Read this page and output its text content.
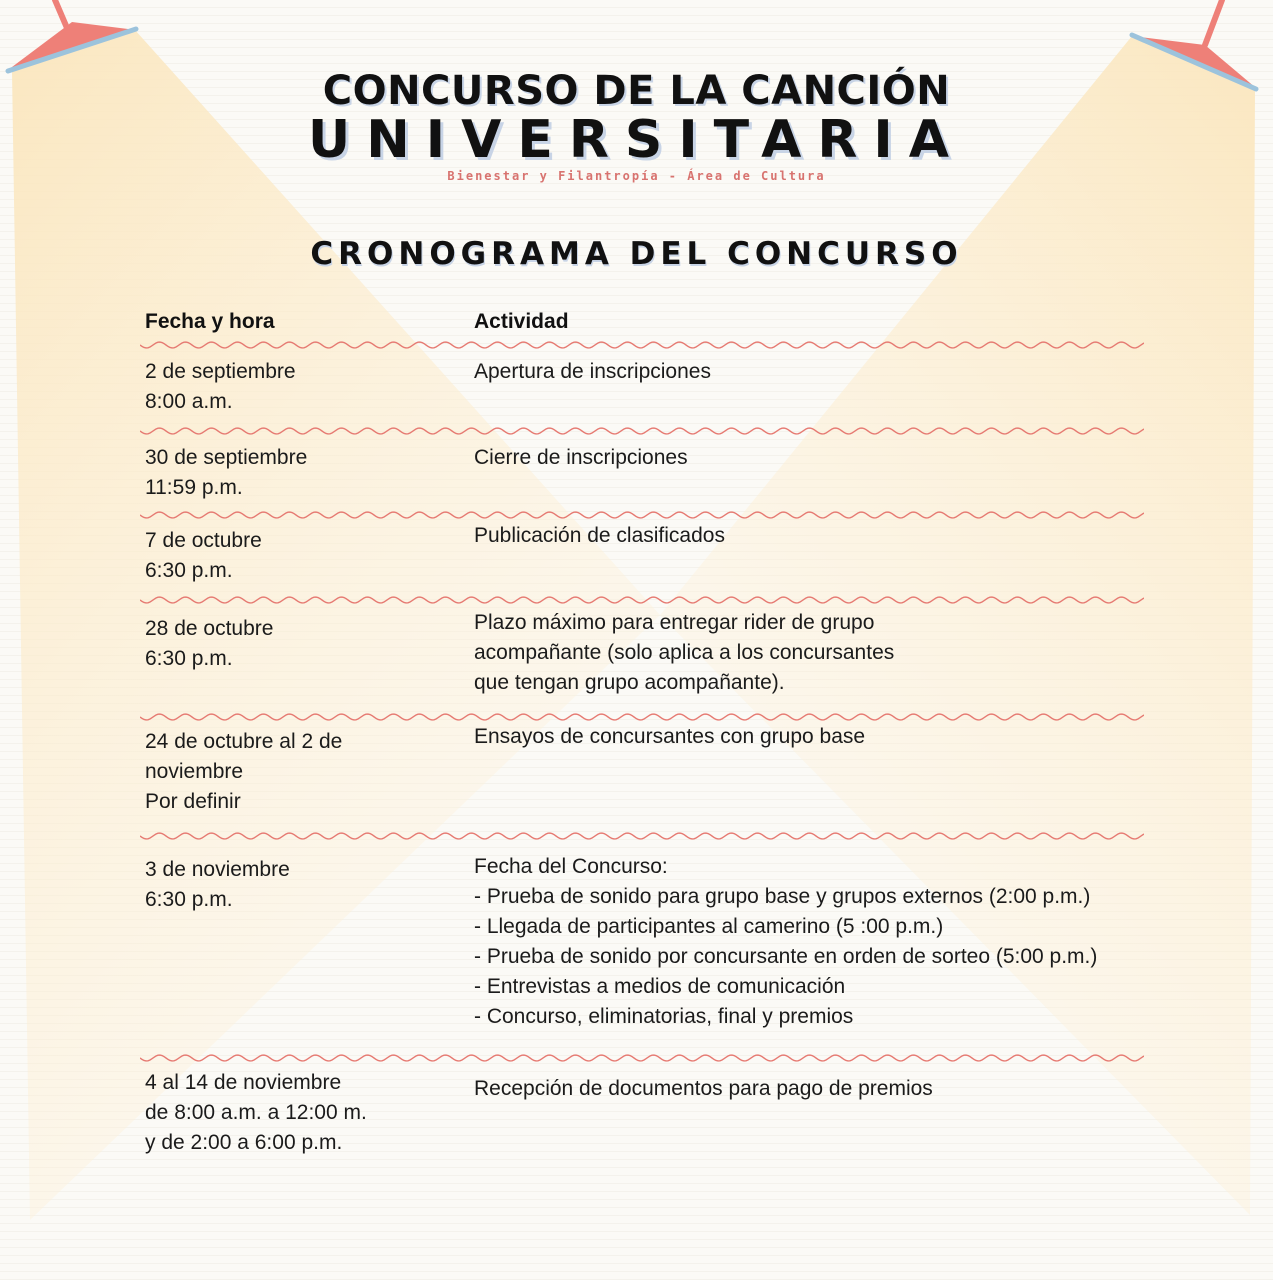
CONCURSO DE LA CANCIÓN
UNIVERSITARIA
Bienestar y Filantropía - Área de Cultura
CRONOGRAMA DEL CONCURSO
Fecha y hora	Actividad
2 de septiembre
8:00 a.m.
Apertura de inscripciones
30 de septiembre
11:59 p.m.
Cierre de inscripciones
7 de octubre
6:30 p.m.
Publicación de clasificados
28 de octubre
6:30 p.m.
Plazo máximo para entregar rider de grupo
acompañante (solo aplica a los concursantes
que tengan grupo acompañante).
24 de octubre al 2 de
noviembre
Por definir
Ensayos de concursantes con grupo base
3 de noviembre
6:30 p.m.
Fecha del Concurso:
- Prueba de sonido para grupo base y grupos externos (2:00 p.m.)
- Llegada de participantes al camerino (5 :00 p.m.)
- Prueba de sonido por concursante en orden de sorteo (5:00 p.m.)
- Entrevistas a medios de comunicación
- Concurso, eliminatorias, final y premios
4 al 14 de noviembre
de 8:00 a.m. a 12:00 m.
y de 2:00 a 6:00 p.m.
Recepción de documentos para pago de premios
